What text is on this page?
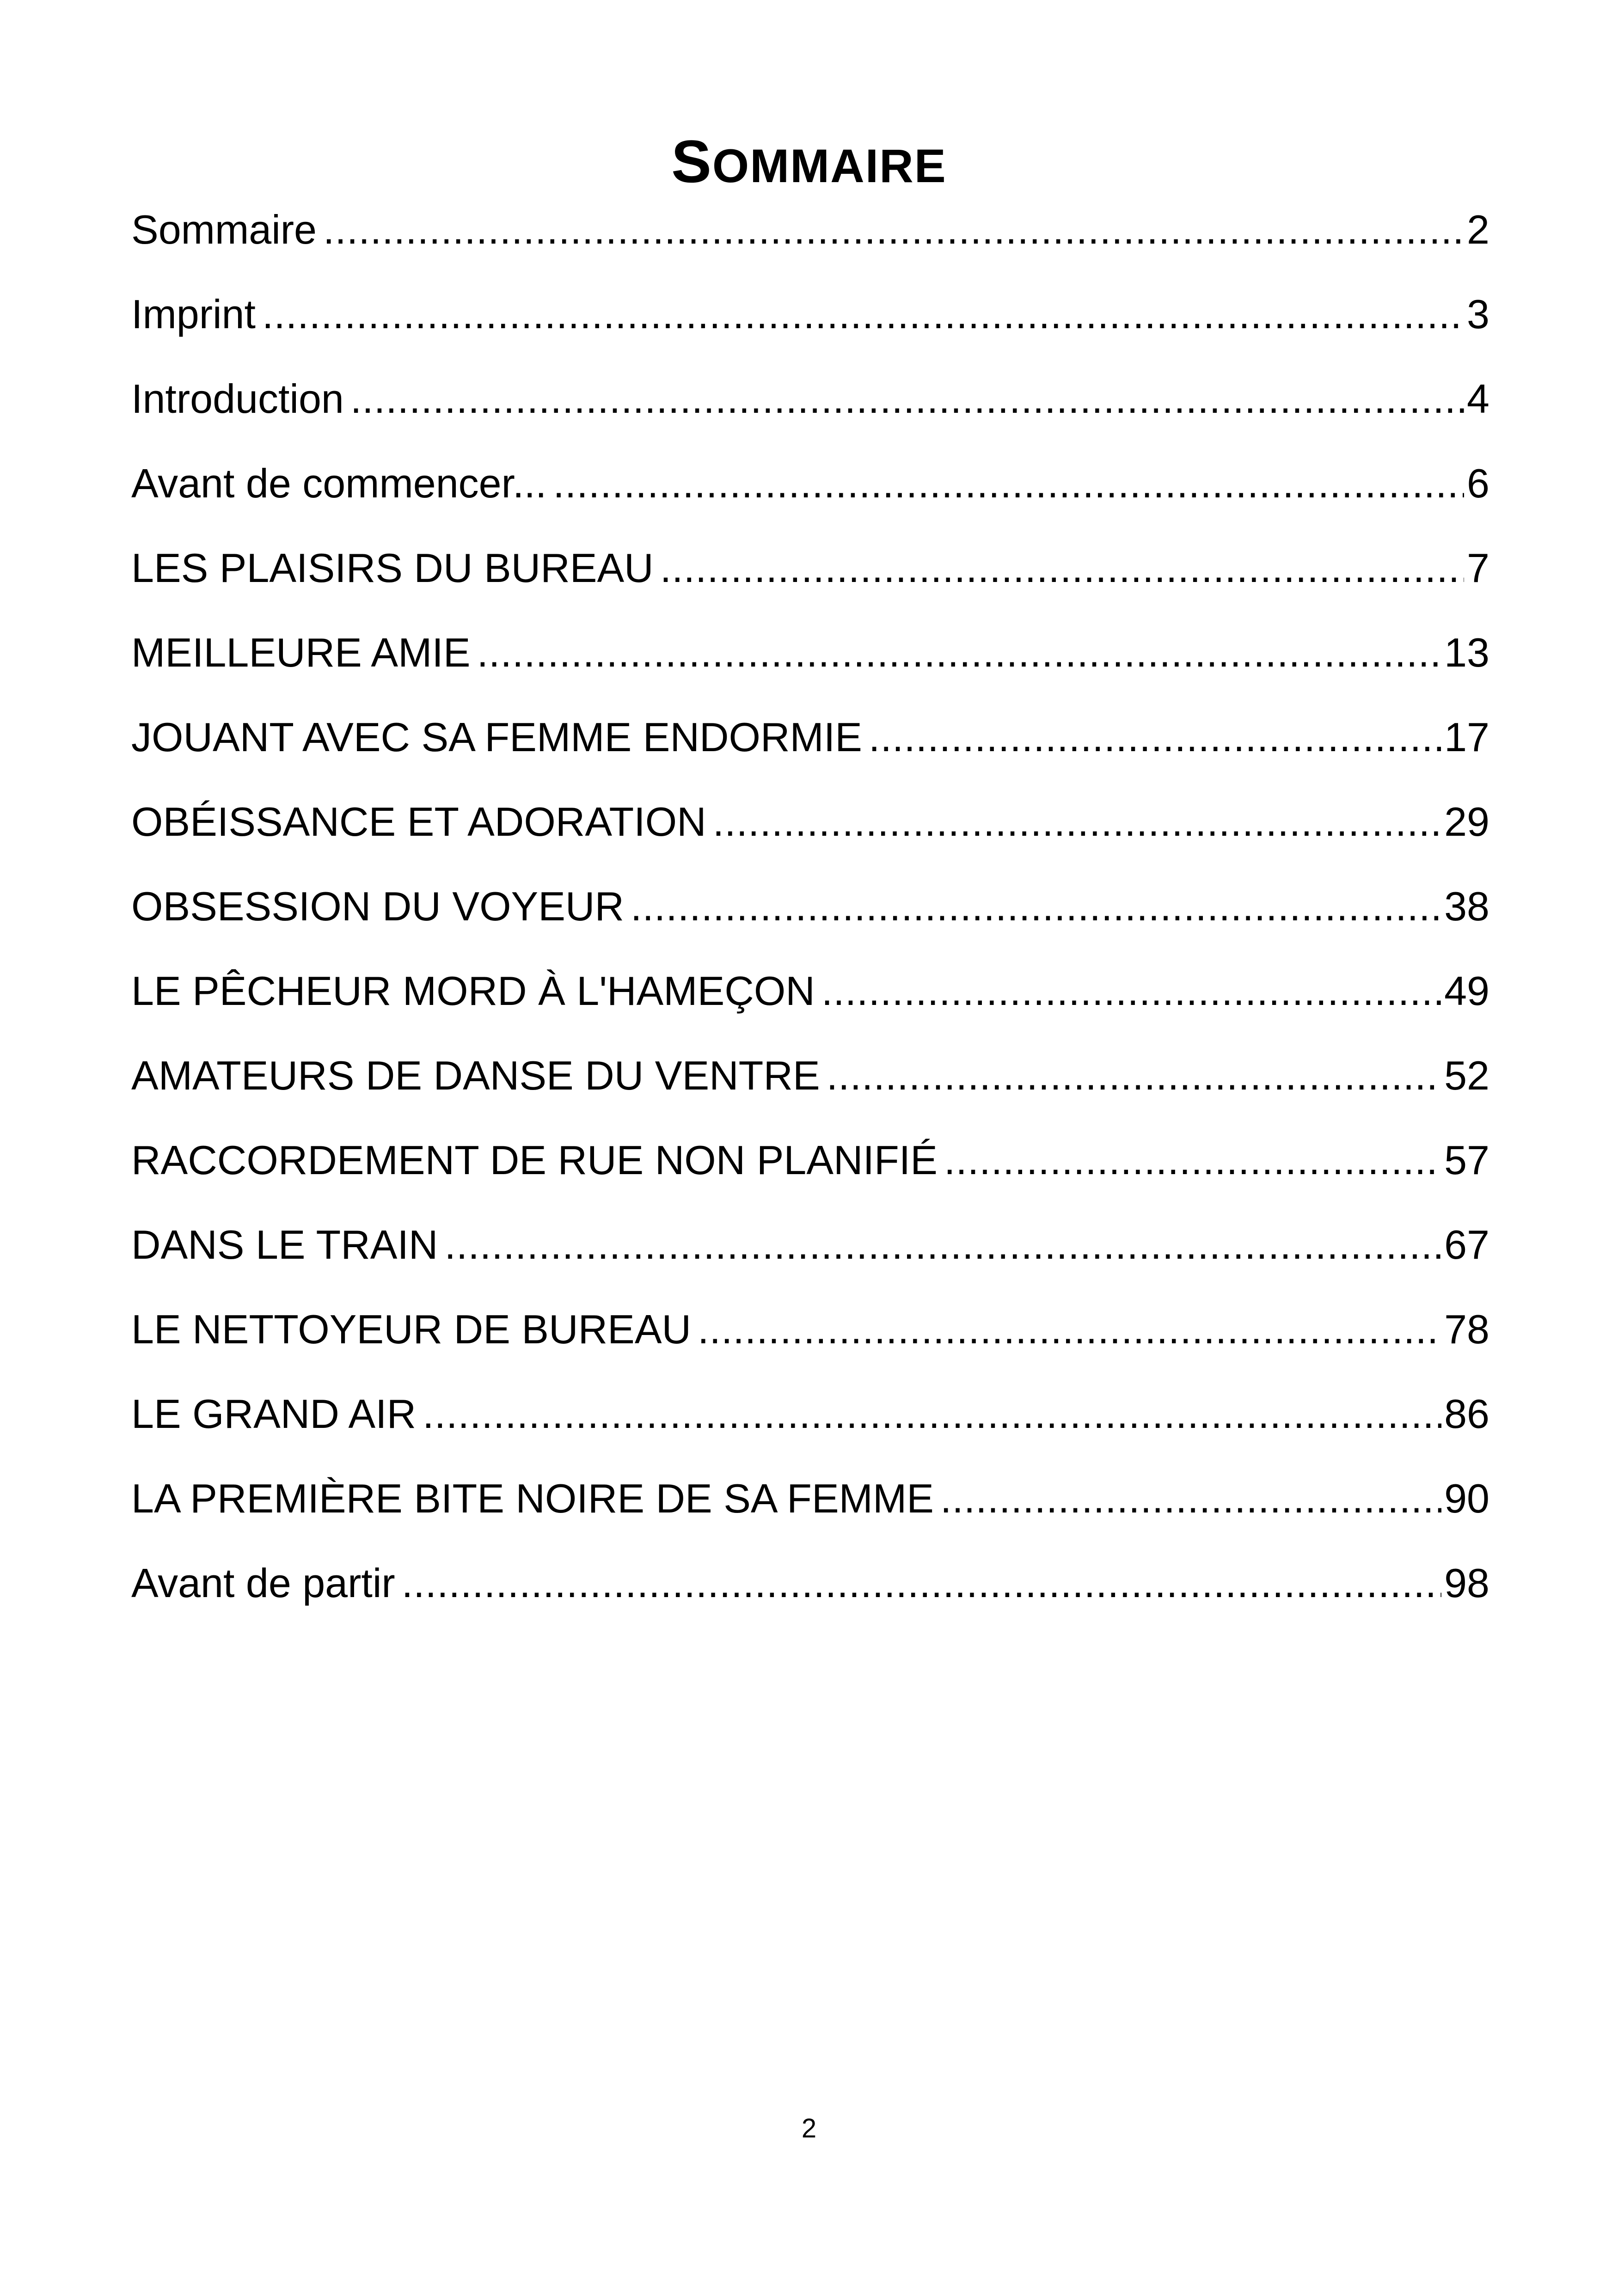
SOMMAIRE
Sommaire .....	2
Imprint .....	3
Introduction .....	4
Avant de commencer... .....	6
LES PLAISIRS DU BUREAU .....	7
MEILLEURE AMIE .....	13
JOUANT AVEC SA FEMME ENDORMIE .....	17
OBÉISSANCE ET ADORATION .....	29
OBSESSION DU VOYEUR .....	38
LE PÊCHEUR MORD À L'HAMEÇON .....	49
AMATEURS DE DANSE DU VENTRE .....	52
RACCORDEMENT DE RUE NON PLANIFIÉ .....	57
DANS LE TRAIN .....	67
LE NETTOYEUR DE BUREAU .....	78
LE GRAND AIR .....	86
LA PREMIÈRE BITE NOIRE DE SA FEMME .....	90
Avant de partir .....	98
2
